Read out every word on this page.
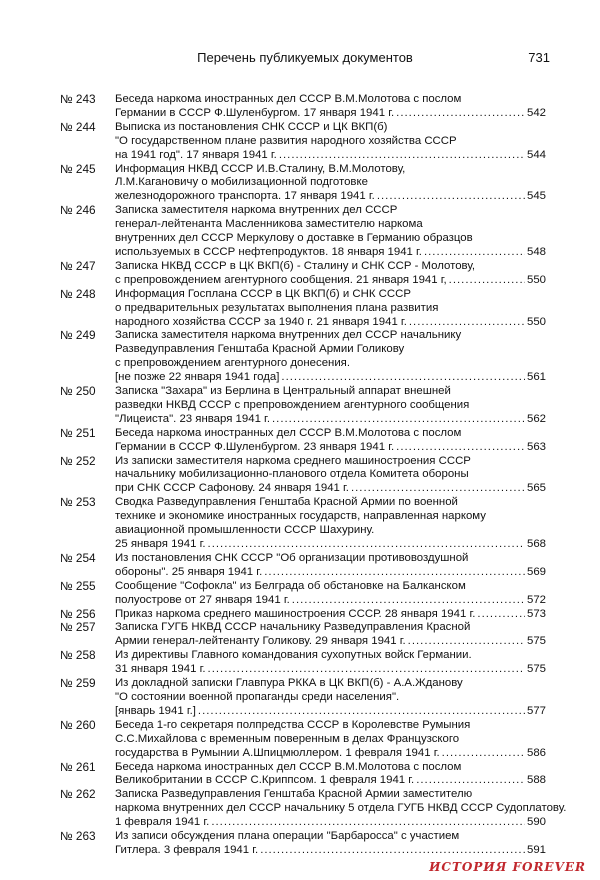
Перечень публикуемых документов	731
№ 243 Беседа наркома иностранных дел СССР В.М.Молотова с послом
Германии в СССР Ф.Шуленбургом. 17 января 1941 г. .....	542
№ 244 Выписка из постановления СНК СССР и ЦК ВКП(б)
"О государственном плане развития народного хозяйства СССР
на 1941 год". 17 января 1941 г. .....	544
№ 245 Информация НКВД СССР И.В.Сталину, В.М.Молотову,
Л.М.Кагановичу о мобилизационной подготовке
железнодорожного транспорта. 17 января 1941 г. .....	545
№ 246 Записка заместителя наркома внутренних дел СССР
генерал-лейтенанта Масленникова заместителю наркома
внутренних дел СССР Меркулову о доставке в Германию образцов
используемых в СССР нефтепродуктов. 18 января 1941 г. .....	548
№ 247 Записка НКВД СССР в ЦК ВКП(б) - Сталину и СНК ССР - Молотову,
с препровождением агентурного сообщения. 21 января 1941 г, .....	550
№ 248 Информация Госплана СССР в ЦК ВКП(б) и СНК СССР
о предварительных результатах выполнения плана развития
народного хозяйства СССР за 1940 г. 21 января 1941 г. .....	550
№ 249 Записка заместителя наркома внутренних дел СССР начальнику
Разведуправления Генштаба Красной Армии Голикову
с препровождением агентурного донесения.
[не позже 22 января 1941 года] .....	561
№ 250 Записка "Захара" из Берлина в Центральный аппарат внешней
разведки НКВД СССР с препровождением агентурного сообщения
"Лицеиста". 23 января 1941 г. .....	562
№ 251 Беседа наркома иностранных дел СССР В.М.Молотова с послом
Германии в СССР Ф.Шуленбургом. 23 января 1941 г. .....	563
№ 252 Из записки заместителя наркома среднего машиностроения СССР
начальнику мобилизационно-планового отдела Комитета обороны
при СНК СССР Сафонову. 24 января 1941 г. .....	565
№ 253 Сводка Разведуправления Генштаба Красной Армии по военной
технике и экономике иностранных государств, направленная наркому
авиационной промышленности СССР Шахурину.
25 января 1941 г. .....	568
№ 254 Из постановления СНК СССР "Об организации противовоздушной
обороны". 25 января 1941 г. .....	569
№ 255 Сообщение "Софокла" из Белграда об обстановке на Балканском
полуострове от 27 января 1941 г. .....	572
№ 256 Приказ наркома среднего машиностроения СССР. 28 января 1941 г. .....	573
№ 257 Записка ГУГБ НКВД СССР начальнику Разведуправления Красной
Армии генерал-лейтенанту Голикову. 29 января 1941 г. .....	575
№ 258 Из директивы Главного командования сухопутных войск Германии.
31 января 1941 г. .....	575
№ 259 Из докладной записки Главпура РККА в ЦК ВКП(б) - А.А.Жданову
"О состоянии военной пропаганды среди населения".
[январь 1941 г.] .....	577
№ 260 Беседа 1-го секретаря полпредства СССР в Королевстве Румыния
С.С.Михайлова с временным поверенным в делах Французского
государства в Румынии А.Шпицмюллером. 1 февраля 1941 г. .....	586
№ 261 Беседа наркома иностранных дел СССР В.М.Молотова с послом
Великобритании в СССР С.Криппсом. 1 февраля 1941 г. .....	588
№ 262 Записка Разведуправления Генштаба Красной Армии заместителю
наркома внутренних дел СССР начальнику 5 отдела ГУГБ НКВД СССР Судоплатову.
1 февраля 1941 г. .....	590
№ 263 Из записи обсуждения плана операции "Барбаросса" с участием
Гитлера. 3 февраля 1941 г. .....	591
ИСТОРИЯ FOREVER
